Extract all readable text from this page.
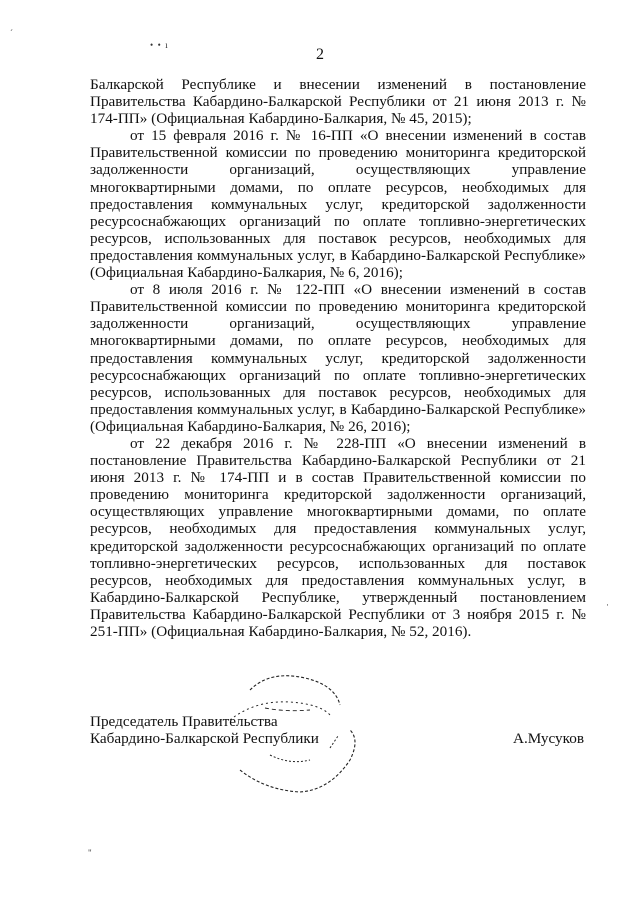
•  •  ı
ˊ
·
"
2

Балкарской Республике и внесении изменений в постановление Правительства Кабардино-Балкарской Республики от 21 июня 2013 г. № 174-ПП» (Официальная Кабардино-Балкария, № 45, 2015);

от 15 февраля 2016 г. № 16-ПП «О внесении изменений в состав Правительственной комиссии по проведению мониторинга кредиторской задолженности организаций, осуществляющих управление многоквартирными домами, по оплате ресурсов, необходимых для предоставления коммунальных услуг, кредиторской задолженности ресурсоснабжающих организаций по оплате топливно-энергетических ресурсов, использованных для поставок ресурсов, необходимых для предоставления коммунальных услуг, в Кабардино-Балкарской Республике» (Официальная Кабардино-Балкария, № 6, 2016);

от 8 июля 2016 г. № 122-ПП «О внесении изменений в состав Правительственной комиссии по проведению мониторинга кредиторской задолженности организаций, осуществляющих управление многоквартирными домами, по оплате ресурсов, необходимых для предоставления коммунальных услуг, кредиторской задолженности ресурсоснабжающих организаций по оплате топливно-энергетических ресурсов, использованных для поставок ресурсов, необходимых для предоставления коммунальных услуг, в Кабардино-Балкарской Республике» (Официальная Кабардино-Балкария, № 26, 2016);

от 22 декабря 2016 г. № 228-ПП «О внесении изменений в постановление Правительства Кабардино-Балкарской Республики от 21 июня 2013 г. № 174-ПП и в состав Правительственной комиссии по проведению мониторинга кредиторской задолженности организаций, осуществляющих управление многоквартирными домами, по оплате ресурсов, необходимых для предоставления коммунальных услуг, кредиторской задолженности ресурсоснабжающих организаций по оплате топливно-энергетических ресурсов, использованных для поставок ресурсов, необходимых для предоставления коммунальных услуг, в Кабардино-Балкарской Республике, утвержденный постановлением Правительства Кабардино-Балкарской Республики от 3 ноября 2015 г. № 251-ПП» (Официальная Кабардино-Балкария, № 52, 2016).

Председатель Правительства
Кабардино-Балкарской Республики	А.Мусуков
